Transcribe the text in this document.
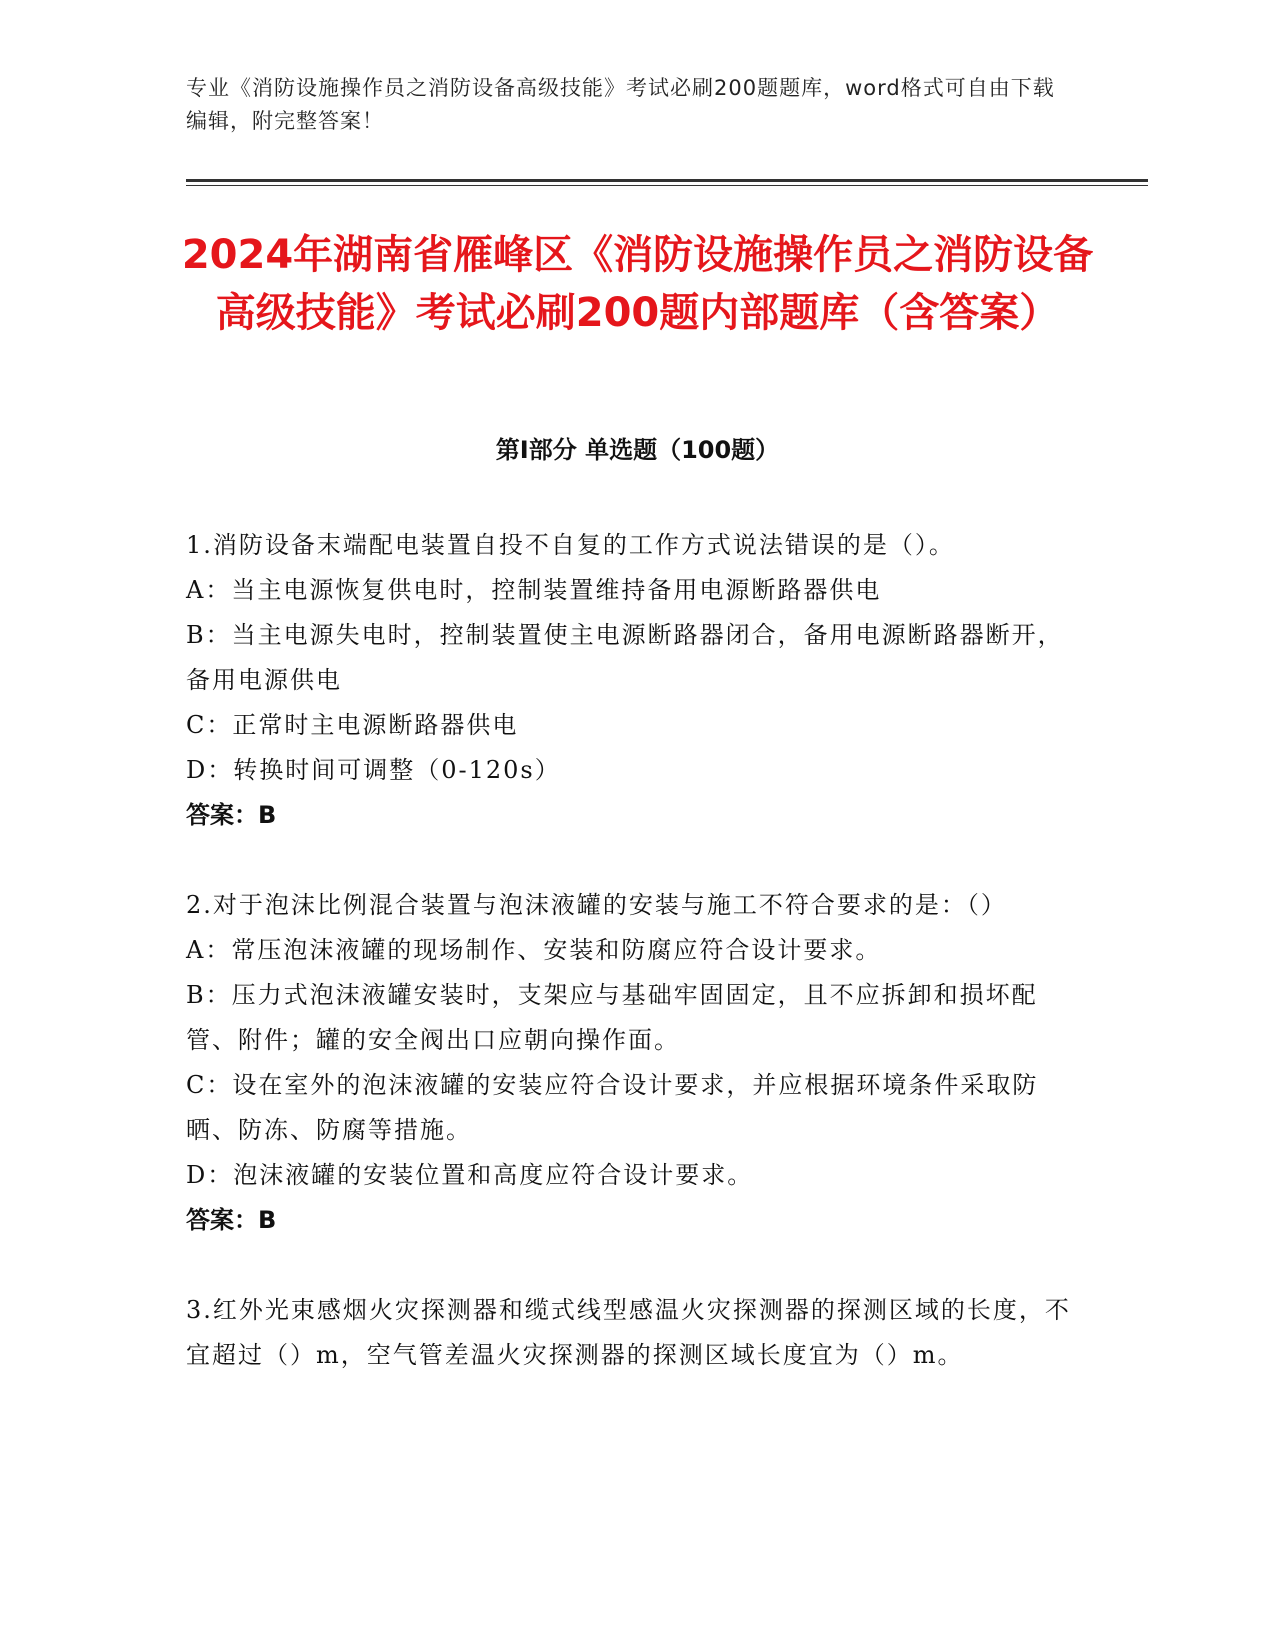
专业《消防设施操作员之消防设备高级技能》考试必刷200题题库，word格式可自由下载编辑，附完整答案！
2024年湖南省雁峰区《消防设施操作员之消防设备高级技能》考试必刷200题内部题库（含答案）
第Ⅰ部分 单选题（100题）

1.消防设备末端配电装置自投不自复的工作方式说法错误的是（）。

A：当主电源恢复供电时，控制装置维持备用电源断路器供电

B：当主电源失电时，控制装置使主电源断路器闭合，备用电源断路器断开，备用电源供电

C：正常时主电源断路器供电

D：转换时间可调整（0-120s）

答案：B

2.对于泡沫比例混合装置与泡沫液罐的安装与施工不符合要求的是：（）

A：常压泡沫液罐的现场制作、安装和防腐应符合设计要求。

B：压力式泡沫液罐安装时，支架应与基础牢固固定，且不应拆卸和损坏配管、附件；罐的安全阀出口应朝向操作面。

C：设在室外的泡沫液罐的安装应符合设计要求，并应根据环境条件采取防晒、防冻、防腐等措施。

D：泡沫液罐的安装位置和高度应符合设计要求。

答案：B

3.红外光束感烟火灾探测器和缆式线型感温火灾探测器的探测区域的长度，不宜超过（）m，空气管差温火灾探测器的探测区域长度宜为（）m。
